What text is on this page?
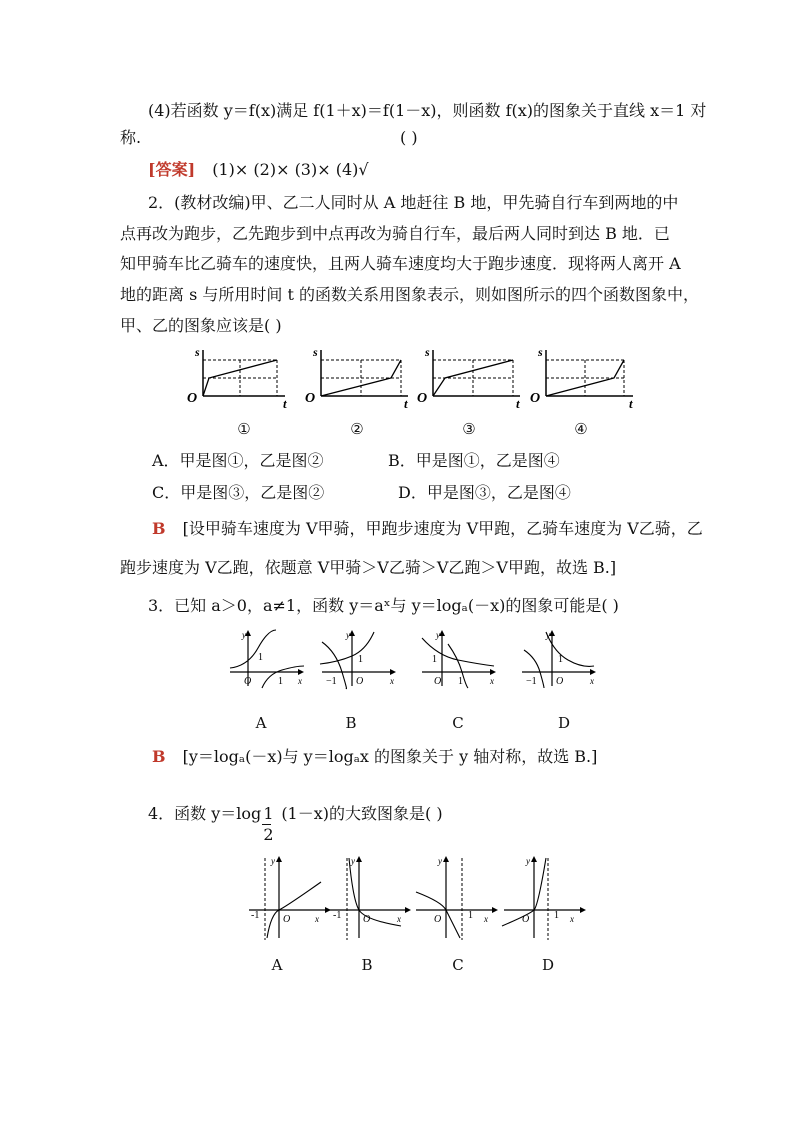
(4)若函数 y＝f(x)满足 f(1＋x)＝f(1－x)，则函数 f(x)的图象关于直线 x＝1 对
称.	( )
[答案] (1)× (2)× (3)× (4)√
2．(教材改编)甲、乙二人同时从 A 地赶往 B 地，甲先骑自行车到两地的中
点再改为跑步，乙先跑步到中点再改为骑自行车，最后两人同时到达 B 地．已
知甲骑车比乙骑车的速度快，且两人骑车速度均大于跑步速度．现将两人离开 A
地的距离 s 与所用时间 t 的函数关系用图象表示，则如图所示的四个函数图象中，
甲、乙的图象应该是( )
s
O	t
s
O	t
s
O	t
s
O	t
①	②	③	④
A．甲是图①，乙是图②	B．甲是图①，乙是图④
C．甲是图③，乙是图②	D．甲是图③，乙是图④
B [设甲骑车速度为 V甲骑，甲跑步速度为 V甲跑，乙骑车速度为 V乙骑，乙
跑步速度为 V乙跑，依题意 V甲骑＞V乙骑＞V乙跑＞V甲跑，故选 B.]
3．已知 a＞0，a≠1，函数 y＝aˣ与 y＝logₐ(－x)的图象可能是( )
y
x
O
1
1
y
x
O
1
−1
y
x
O
1
1
y
x
O
1
−1
A	B	C	D
B [y＝logₐ(－x)与 y＝logₐx 的图象关于 y 轴对称，故选 B.]
4．函数 $y=\log \frac{1}{2} (1-x)$的大致图象是( )
y
x
O
-1
y
x
O
-1
y
x
O	1
y
x
O 1
A	B	C	D
